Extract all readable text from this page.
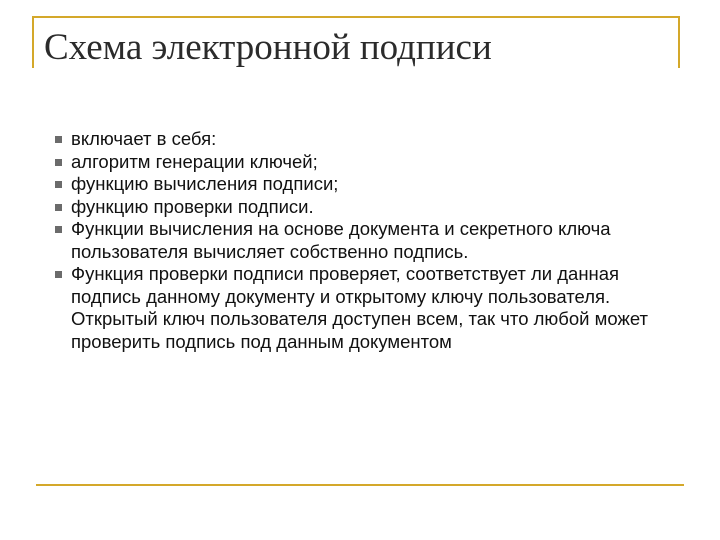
Схема электронной подписи
включает в себя:
алгоритм генерации ключей;
функцию вычисления подписи;
функцию проверки подписи.
Функции вычисления на основе документа и секретного ключа пользователя вычисляет собственно подпись.
Функция проверки подписи проверяет, соответствует ли данная подпись данному документу и открытому ключу пользователя. Открытый ключ пользователя доступен всем, так что любой может проверить подпись под данным документом
